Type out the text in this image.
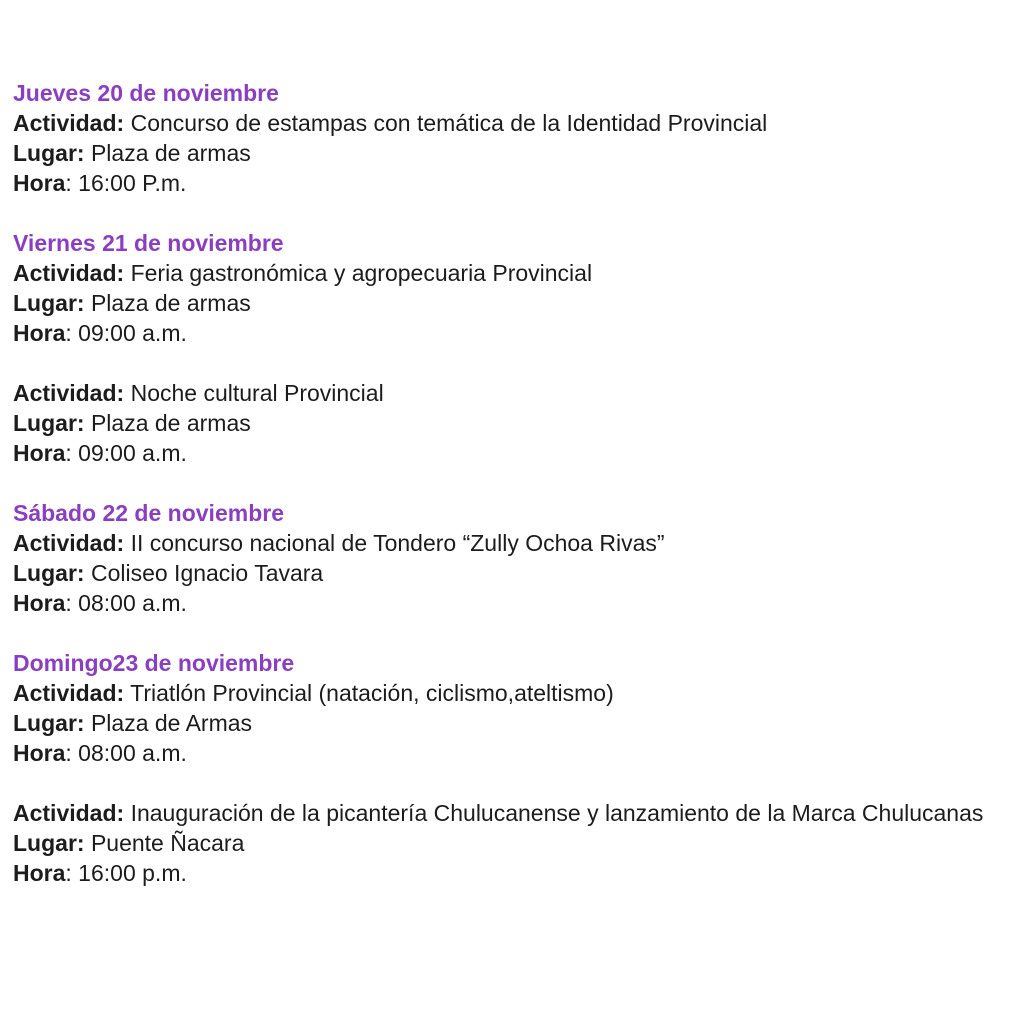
Jueves 20 de noviembre
Actividad: Concurso de estampas con temática de la Identidad Provincial
Lugar: Plaza de armas
Hora: 16:00 P.m.
Viernes 21 de noviembre
Actividad: Feria gastronómica y agropecuaria Provincial
Lugar: Plaza de armas
Hora: 09:00 a.m.
Actividad: Noche cultural Provincial
Lugar: Plaza de armas
Hora: 09:00 a.m.
Sábado 22 de noviembre
Actividad: II concurso nacional de Tondero “Zully Ochoa Rivas”
Lugar: Coliseo Ignacio Tavara
Hora: 08:00 a.m.
Domingo23 de noviembre
Actividad: Triatlón Provincial (natación, ciclismo,ateltismo)
Lugar: Plaza de Armas
Hora: 08:00 a.m.
Actividad: Inauguración de la picantería Chulucanense y lanzamiento de la Marca Chulucanas
Lugar: Puente Ñacara
Hora: 16:00 p.m.
